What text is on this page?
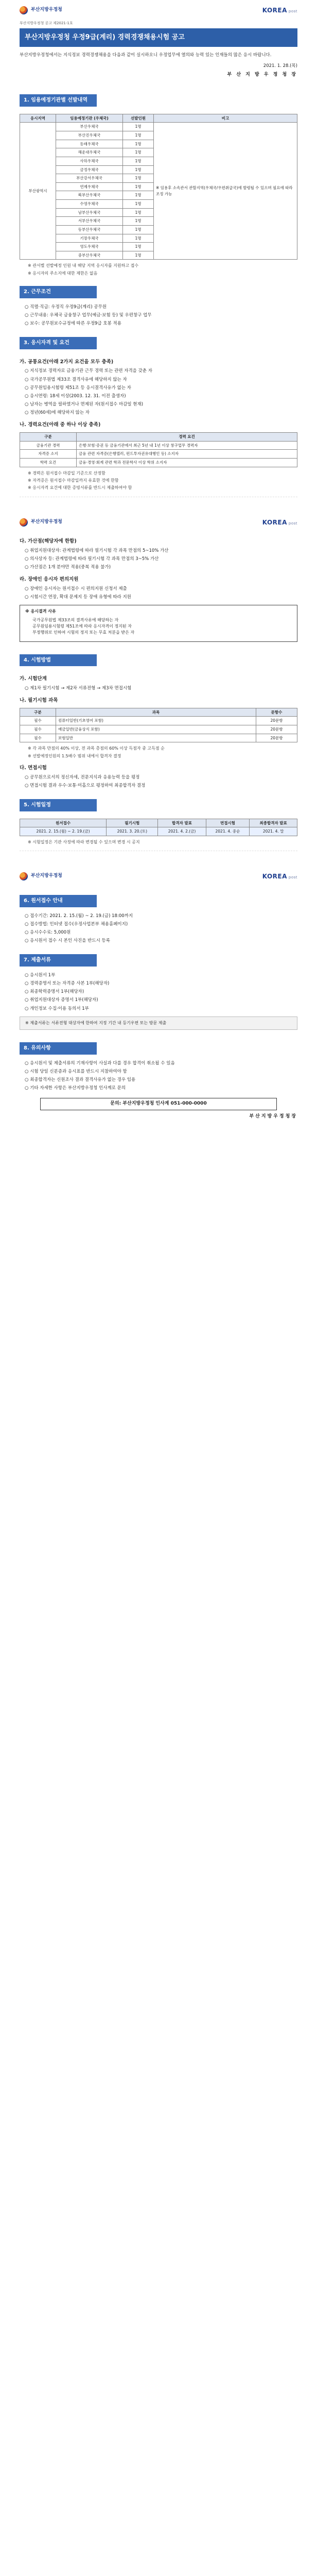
부산지방우정청	KOREA post
부산지방우정청 공고 제2021-1호
부산지방우정청 우정9급(계리) 경력경쟁채용시험 공고

부산지방우정청에서는 지식정보 경력경쟁채용을 다음과 같이 실시하오니 우정업무에 열의와 능력 있는 인재들의 많은 응시 바랍니다.

2021. 1. 28.(목)
부 산 지 방 우 정 청 장
1. 임용예정기관별 선발내역
응시지역	임용예정기관 (우체국)	선발인원	비고
부산광역시	부산우체국	1명	※ 임용후 소속관서 관할지역(우체국/우편취급국)에 발령될 수 있으며 필요에 따라 조정 가능
	부산진우체국	1명	
	동래우체국	1명	
	해운대우체국	1명	
	사하우체국	1명	
	금정우체국	1명	
	부산강서우체국	1명	
	연제우체국	1명	
	북부산우체국	1명	
	수영우체국	1명	
	남부산우체국	1명	
	서부산우체국	1명	
	동부산우체국	1명	
	기장우체국	1명	
	영도우체국	1명	
	중부산우체국	1명	
※ 관서별 선발예정 인원 내 해당 지역 응시자를 지원하고 접수
※ 응시자의 주소지에 대한 제한은 없음
2. 근무조건
○ 직렬·직급: 우정직 우정9급(계리) 공무원
○ 근무내용: 우체국 금융창구 업무(예금·보험 등) 및 우편창구 업무
○ 보수: 공무원보수규정에 따른 우정9급 호봉 적용
3. 응시자격 및 요건
가. 공통요건(아래 2가지 요건을 모두 충족)
○ 지식정보 경력자로 금융기관 근무 경력 또는 관련 자격을 갖춘 자
○ 국가공무원법 제33조 결격사유에 해당하지 않는 자
○ 공무원임용시험령 제51조 등 응시결격사유가 없는 자
○ 응시연령: 18세 이상(2003. 12. 31. 이전 출생자)
○ 남자는 병역을 필하였거나 면제된 자(원서접수 마감일 현재)
○ 정년(60세)에 해당하지 않는 자
나. 경력요건(아래 중 하나 이상 충족)
구분	경력 요건
금융기관 경력	은행·보험·증권 등 금융기관에서 최근 5년 내 1년 이상 창구업무 경력자
자격증 소지	금융 관련 자격증(은행텔러, 펀드투자권유대행인 등) 소지자
학력 요건	금융·경영·회계 관련 학과 전문학사 이상 학위 소지자
※ 경력은 원서접수 마감일 기준으로 산정함
※ 자격증은 원서접수 마감일까지 유효한 것에 한함
※ 응시자격 요건에 대한 증빙서류를 반드시 제출하여야 함
부산지방우정청	KOREA post
다. 가산점(해당자에 한함)
○ 취업지원대상자: 관계법령에 따라 필기시험 각 과목 만점의 5~10% 가산
○ 의사상자 등: 관계법령에 따라 필기시험 각 과목 만점의 3~5% 가산
○ 가산점은 1개 분야만 적용(중복 적용 불가)
라. 장애인 응시자 편의지원
○ 장애인 응시자는 원서접수 시 편의지원 신청서 제출
○ 시험시간 연장, 확대 문제지 등 장애 유형에 따라 지원
※ 응시결격 사유
국가공무원법 제33조의 결격사유에 해당하는 자
공무원임용시험령 제51조에 따라 응시자격이 정지된 자
부정행위로 인하여 시험의 정지 또는 무효 처분을 받은 자
4. 시험방법
가. 시험단계
○ 제1차 필기시험 → 제2차 서류전형 → 제3차 면접시험
나. 필기시험 과목
구분	과목	문항수
필수	컴퓨터일반(기초영어 포함)	20문항
필수	예금일반(금융상식 포함)	20문항
필수	보험일반	20문항
※ 각 과목 만점의 40% 이상, 전 과목 총점의 60% 이상 득점자 중 고득점 순
※ 선발예정인원의 1.5배수 범위 내에서 합격자 결정
다. 면접시험
○ 공무원으로서의 정신자세, 전문지식과 응용능력 등을 평정
○ 면접시험 결과 우수·보통·미흡으로 평정하여 최종합격자 결정
5. 시험일정
원서접수	필기시험	합격자 발표	면접시험	최종합격자 발표
2021. 2. 15.(월) ~ 2. 19.(금)	2021. 3. 20.(토)	2021. 4. 2.(금)	2021. 4. 중순	2021. 4. 말
※ 시험일정은 기관 사정에 따라 변경될 수 있으며 변경 시 공지
부산지방우정청	KOREA post
6. 원서접수 안내
○ 접수기간: 2021. 2. 15.(월) ~ 2. 19.(금) 18:00까지
○ 접수방법: 인터넷 접수(우정사업본부 채용홈페이지)
○ 응시수수료: 5,000원
○ 응시원서 접수 시 본인 사진을 반드시 등록
7. 제출서류
○ 응시원서 1부
○ 경력증명서 또는 자격증 사본 1부(해당자)
○ 최종학력증명서 1부(해당자)
○ 취업지원대상자 증명서 1부(해당자)
○ 개인정보 수집·이용 동의서 1부
※ 제출서류는 서류전형 대상자에 한하여 지정 기간 내 등기우편 또는 방문 제출
8. 유의사항
○ 응시원서 및 제출서류의 기재사항이 사실과 다를 경우 합격이 취소될 수 있음
○ 시험 당일 신분증과 응시표를 반드시 지참하여야 함
○ 최종합격자는 신원조사 결과 결격사유가 없는 경우 임용
○ 기타 자세한 사항은 부산지방우정청 인사계로 문의
문의: 부산지방우정청 인사계 051-000-0000
부산지방우정청장
